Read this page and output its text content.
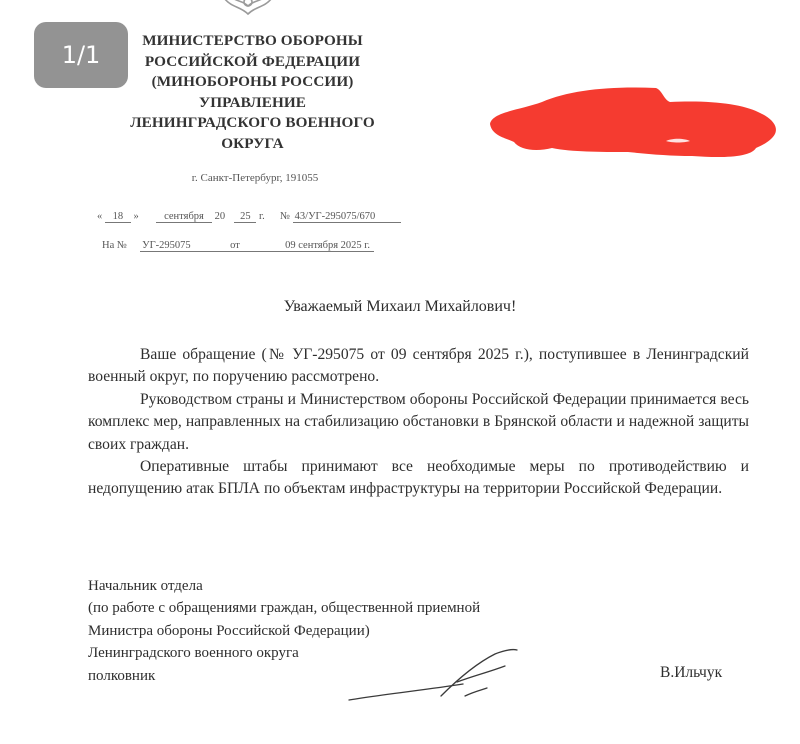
1/1
МИНИСТЕРСТВО ОБОРОНЫ
РОССИЙСКОЙ ФЕДЕРАЦИИ
(МИНОБОРОНЫ РОССИИ)
УПРАВЛЕНИЕ
ЛЕНИНГРАДСКОГО ВОЕННОГО
ОКРУГА
г. Санкт-Петербург, 191055
« 18 » сентября 20 25 г. № 43/УГ-295075/670
На № УГ-295075	от	09 сентября 2025 г.
Уважаемый Михаил Михайлович!

Ваше обращение (№ УГ-295075 от 09 сентября 2025 г.), поступившее в Ленинградский военный округ, по поручению рассмотрено.

Руководством страны и Министерством обороны Российской Федерации принимается весь комплекс мер, направленных на стабилизацию обстановки в Брянской области и надежной защиты своих граждан.

Оперативные штабы принимают все необходимые меры по противодействию и недопущению атак БПЛА по объектам инфраструктуры на территории Российской Федерации.

Начальник отдела
(по работе с обращениями граждан, общественной приемной
Министра обороны Российской Федерации)
Ленинградского военного округа
полковник	В.Ильчук
